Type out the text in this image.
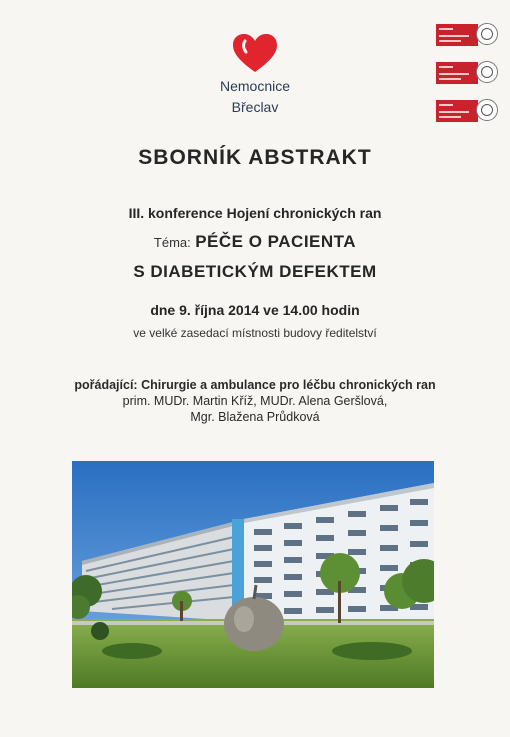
Nemocnice
Břeclav
SBORNÍK ABSTRAKT
III. konference Hojení chronických ran
Téma: PÉČE O PACIENTA
S DIABETICKÝM DEFEKTEM
dne 9. října 2014 ve 14.00 hodin
ve velké zasedací místnosti budovy ředitelství
pořádající: Chirurgie a ambulance pro léčbu chronických ran
prim. MUDr. Martin Kříž, MUDr. Alena Geršlová,
Mgr. Blažena Průdková
